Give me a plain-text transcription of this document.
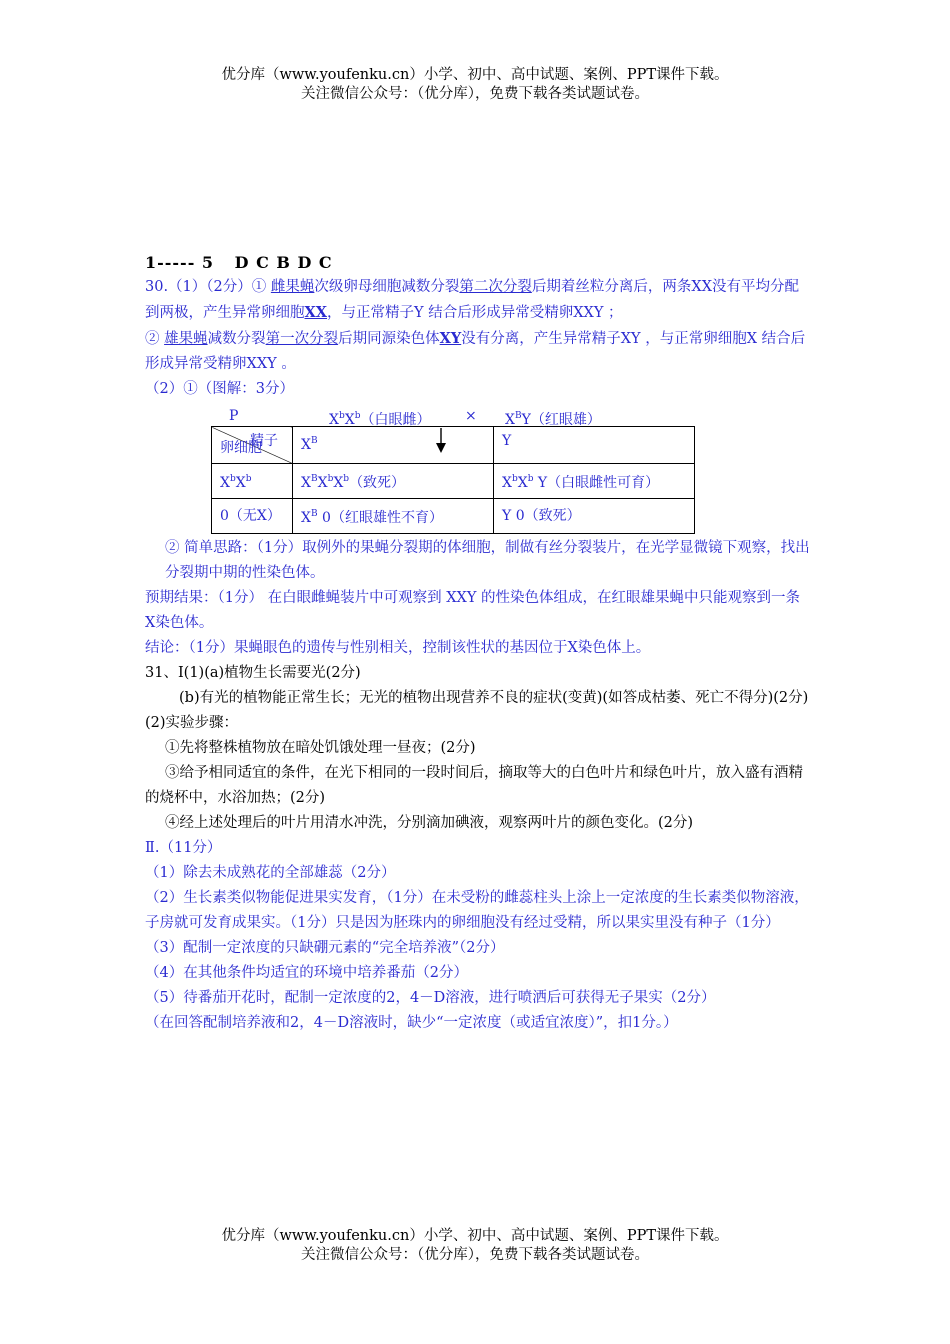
优分库（www.youfenku.cn）小学、初中、高中试题、案例、PPT课件下载。
关注微信公众号：（优分库），免费下载各类试题试卷。
1----- 5 D C B D C
30.（1）（2分）① 雌果蝇次级卵母细胞减数分裂第二次分裂后期着丝粒分离后，两条XX没有平均分配到两极，产生异常卵细胞XX，与正常精子Y 结合后形成异常受精卵XXY ；
② 雄果蝇减数分裂第一次分裂后期同源染色体XY没有分离，产生异常精子XY ，与正常卵细胞X 结合后形成异常受精卵XXY 。
（2）①（图解：3分）
P	$X^bX^b$（白眼雌） × $X^BY$（红眼雄）
精子
卵细胞	$X^B$	Y
$X^bX^b$	$X^BX^bX^b$（致死）	$X^bX^b$ Y（白眼雌性可育）
0（无X）	$X^B$ 0（红眼雄性不育）	Y 0（致死）
② 简单思路：（1分）取例外的果蝇分裂期的体细胞，制做有丝分裂装片，在光学显微镜下观察，找出分裂期中期的性染色体。
预期结果：（1分） 在白眼雌蝇装片中可观察到 XXY 的性染色体组成，在红眼雄果蝇中只能观察到一条X染色体。
结论：（1分）果蝇眼色的遗传与性别相关，控制该性状的基因位于X染色体上。
31、I(1)(a)植物生长需要光(2分)
(b)有光的植物能正常生长；无光的植物出现营养不良的症状(变黄)(如答成枯萎、死亡不得分)(2分)
(2)实验步骤：
①先将整株植物放在暗处饥饿处理一昼夜；(2分)
③给予相同适宜的条件，在光下相同的一段时间后，摘取等大的白色叶片和绿色叶片，放入盛有酒精的烧杯中，水浴加热；(2分)
④经上述处理后的叶片用清水冲洗，分别滴加碘液，观察两叶片的颜色变化。(2分)
Ⅱ.（11分）
（1）除去未成熟花的全部雄蕊（2分）
（2）生长素类似物能促进果实发育，（1分）在未受粉的雌蕊柱头上涂上一定浓度的生长素类似物溶液，子房就可发育成果实。（1分）只是因为胚珠内的卵细胞没有经过受精，所以果实里没有种子（1分）
（3）配制一定浓度的只缺硼元素的“完全培养液”（2分）
（4）在其他条件均适宜的环境中培养番茄（2分）
（5）待番茄开花时，配制一定浓度的2，4－D溶液，进行喷洒后可获得无子果实（2分）
（在回答配制培养液和2，4－D溶液时，缺少“一定浓度（或适宜浓度）”，扣1分。）
优分库（www.youfenku.cn）小学、初中、高中试题、案例、PPT课件下载。
关注微信公众号：（优分库），免费下载各类试题试卷。
